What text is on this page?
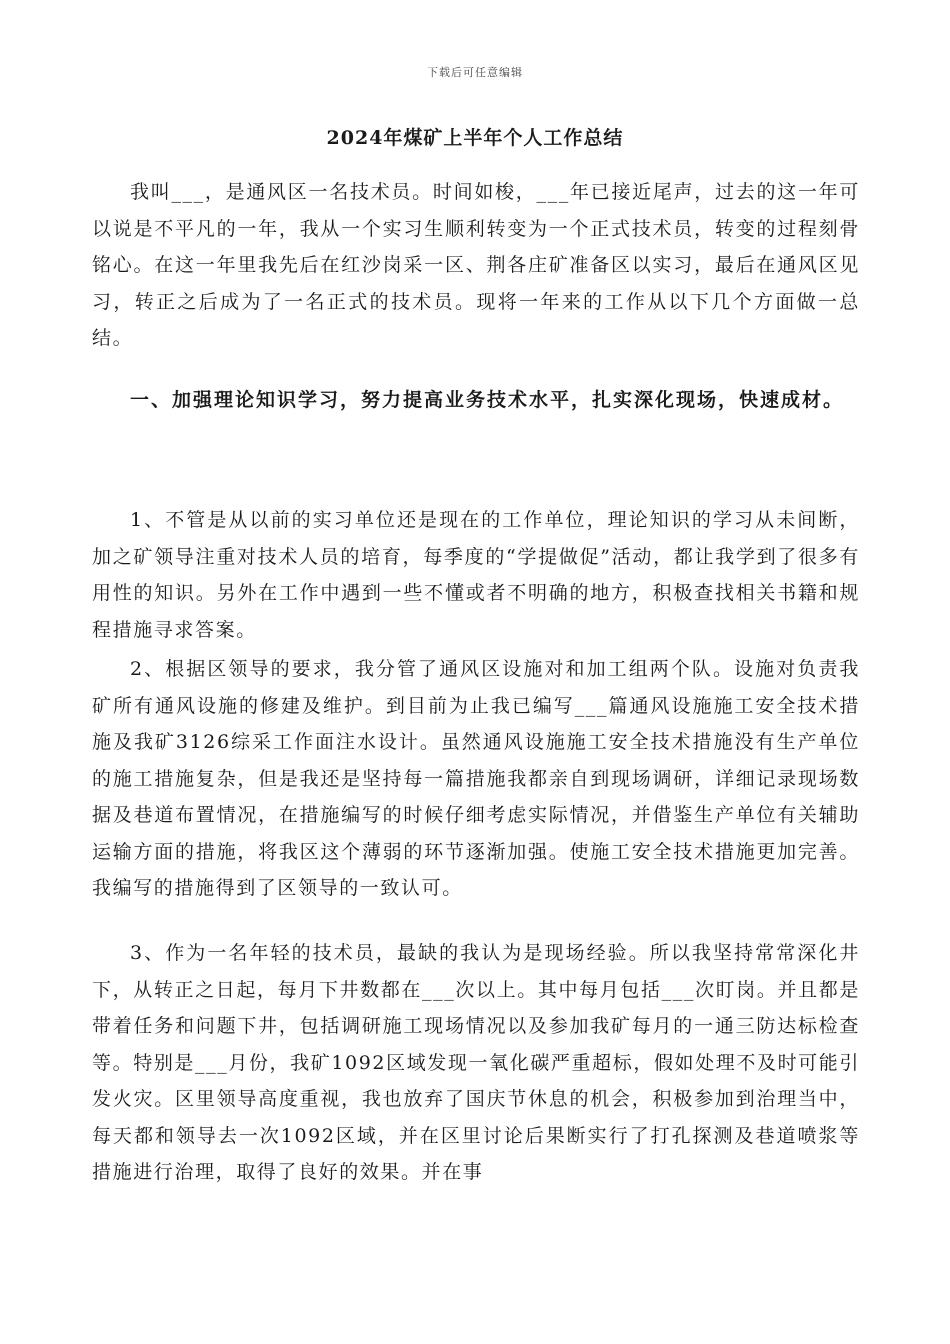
下载后可任意编辑
2024年煤矿上半年个人工作总结

我叫___，是通风区一名技术员。时间如梭，___年已接近尾声，过去的这一年可以说是不平凡的一年，我从一个实习生顺利转变为一个正式技术员，转变的过程刻骨铭心。在这一年里我先后在红沙岗采一区、荆各庄矿准备区以实习，最后在通风区见习，转正之后成为了一名正式的技术员。现将一年来的工作从以下几个方面做一总结。

一、加强理论知识学习，努力提高业务技术水平，扎实深化现场，快速成材。

1、不管是从以前的实习单位还是现在的工作单位，理论知识的学习从未间断，加之矿领导注重对技术人员的培育，每季度的“学提做促”活动，都让我学到了很多有用性的知识。另外在工作中遇到一些不懂或者不明确的地方，积极查找相关书籍和规程措施寻求答案。

2、根据区领导的要求，我分管了通风区设施对和加工组两个队。设施对负责我矿所有通风设施的修建及维护。到目前为止我已编写___篇通风设施施工安全技术措施及我矿3126综采工作面注水设计。虽然通风设施施工安全技术措施没有生产单位的施工措施复杂，但是我还是坚持每一篇措施我都亲自到现场调研，详细记录现场数据及巷道布置情况，在措施编写的时候仔细考虑实际情况，并借鉴生产单位有关辅助运输方面的措施，将我区这个薄弱的环节逐渐加强。使施工安全技术措施更加完善。我编写的措施得到了区领导的一致认可。

3、作为一名年轻的技术员，最缺的我认为是现场经验。所以我坚持常常深化井下，从转正之日起，每月下井数都在___次以上。其中每月包括___次盯岗。并且都是带着任务和问题下井，包括调研施工现场情况以及参加我矿每月的一通三防达标检查等。特别是___月份，我矿1092区域发现一氧化碳严重超标，假如处理不及时可能引发火灾。区里领导高度重视，我也放弃了国庆节休息的机会，积极参加到治理当中，每天都和领导去一次1092区域，并在区里讨论后果断实行了打孔探测及巷道喷浆等措施进行治理，取得了良好的效果。并在事
